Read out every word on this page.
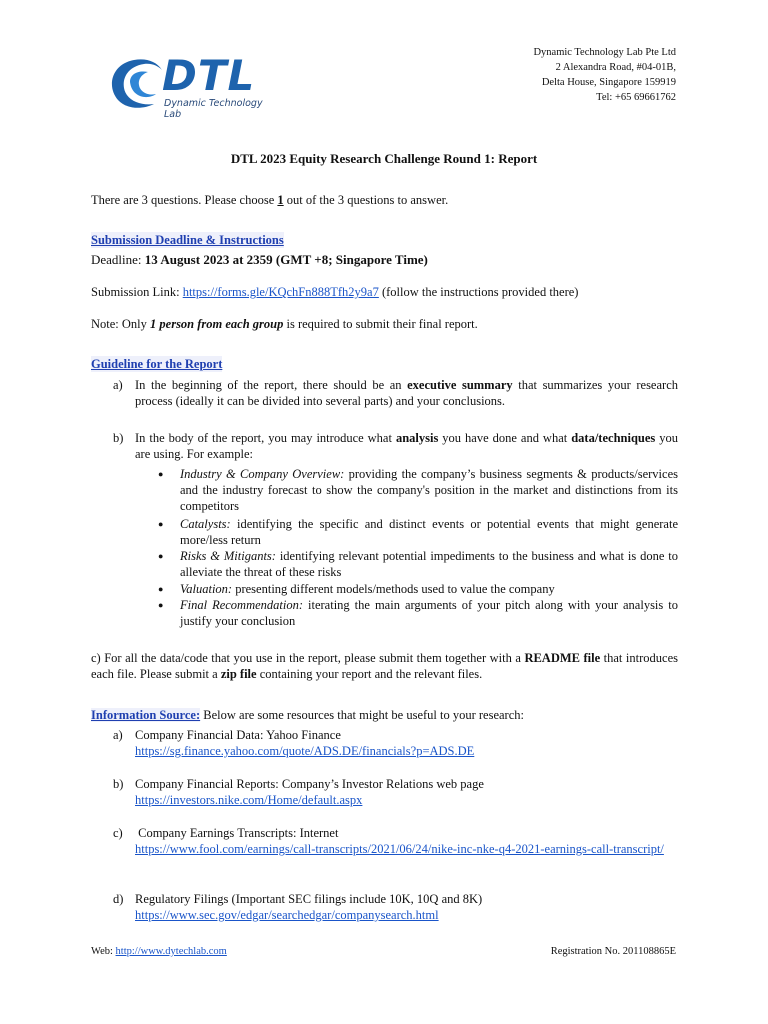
DTL
Dynamic Technology Lab
Dynamic Technology Lab Pte Ltd
2 Alexandra Road, #04-01B,
Delta House, Singapore 159919
Tel: +65 69661762
DTL 2023 Equity Research Challenge Round 1: Report
There are 3 questions. Please choose 1 out of the 3 questions to answer.
Submission Deadline & Instructions
Deadline: 13 August 2023 at 2359 (GMT +8; Singapore Time)
Submission Link: https://forms.gle/KQchFn888Tfh2y9a7 (follow the instructions provided there)
Note: Only 1 person from each group is required to submit their final report.
Guideline for the Report
a) In the beginning of the report, there should be an executive summary that summarizes your research process (ideally it can be divided into several parts) and your conclusions.
b) In the body of the report, you may introduce what analysis you have done and what data/techniques you are using. For example:
● Industry & Company Overview: providing the company’s business segments & products/services and the industry forecast to show the company's position in the market and distinctions from its competitors
● Catalysts: identifying the specific and distinct events or potential events that might generate more/less return
● Risks & Mitigants: identifying relevant potential impediments to the business and what is done to alleviate the threat of these risks
● Valuation: presenting different models/methods used to value the company
● Final Recommendation: iterating the main arguments of your pitch along with your analysis to justify your conclusion
c) For all the data/code that you use in the report, please submit them together with a README file that introduces each file. Please submit a zip file containing your report and the relevant files.
Information Source: Below are some resources that might be useful to your research:
a) Company Financial Data: Yahoo Finance
https://sg.finance.yahoo.com/quote/ADS.DE/financials?p=ADS.DE
b) Company Financial Reports: Company’s Investor Relations web page
https://investors.nike.com/Home/default.aspx
c) Company Earnings Transcripts: Internet
https://www.fool.com/earnings/call-transcripts/2021/06/24/nike-inc-nke-q4-2021-earnings-call-transcript/
d) Regulatory Filings (Important SEC filings include 10K, 10Q and 8K)
https://www.sec.gov/edgar/searchedgar/companysearch.html
Web: http://www.dytechlab.com	Registration No. 201108865E
